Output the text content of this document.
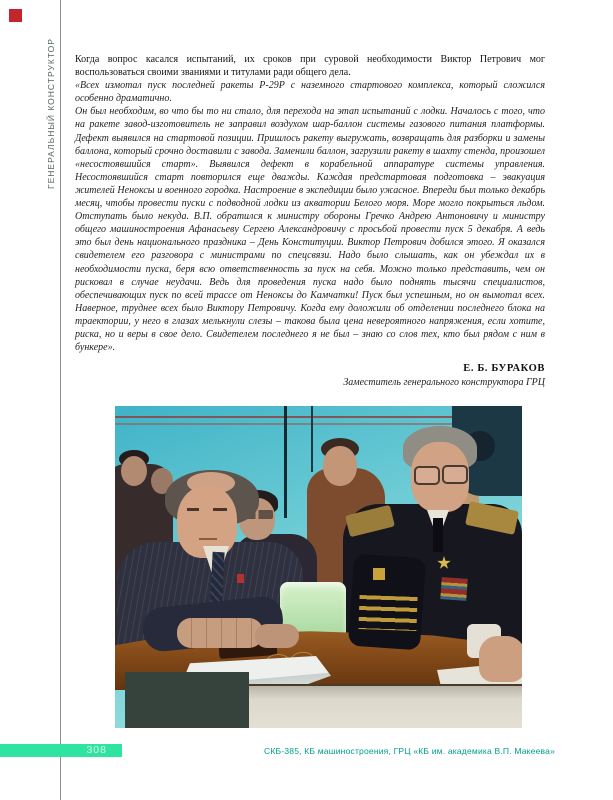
ГЕНЕРАЛЬНЫЙ КОНСТРУКТОР Когда вопрос касался испытаний, их сроков при суровой необходимости Виктор Петрович мог воспользоваться своими званиями и титулами ради общего дела.

«Всех измотал пуск последней ракеты Р-29Р с наземного стартового комплекса, который сложился особенно драматично.

Он был необходим, во что бы то ни стало, для перехода на этап испытаний с лодки. Началось с того, что на ракете завод-изготовитель не заправил воздухом шар-баллон системы газового питания платформы. Дефект выявился на стартовой позиции. Пришлось ракету выгружать, возвращать для разборки и замены баллона, который срочно доставили с завода. Заменили баллон, загрузили ракету в шахту стенда, произошел «несостоявшийся старт». Выявился дефект в корабельной аппаратуре системы управления. Несостоявшийся старт повторился еще дважды. Каждая предстартовая подготовка – эвакуация жителей Неноксы и военного городка. Настроение в экспедиции было ужасное. Впереди был только декабрь месяц, чтобы провести пуски с подводной лодки из акватории Белого моря. Море могло покрыться льдом. Отступать было некуда. В.П. обратился к министру обороны Гречко Андрею Антоновичу и министру общего машиностроения Афанасьеву Сергею Александровичу с просьбой провести пуск 5 декабря. А ведь это был день национального праздника – День Конституции. Виктор Петрович добился этого. Я оказался свидетелем его разговора с министрами по спецсвязи. Надо было слышать, как он убеждал их в необходимости пуска, беря всю ответственность за пуск на себя. Можно только представить, чем он рисковал в случае неудачи. Ведь для проведения пуска надо было поднять тысячи специалистов, обеспечивающих пуск по всей трассе от Неноксы до Камчатки! Пуск был успешным, но он вымотал всех. Наверное, труднее всех было Виктору Петровичу. Когда ему доложили об отделении последнего блока на траектории, у него в глазах мелькнули слезы – такова была цена невероятного напряжения, если хотите, риска, но и веры в свое дело. Свидетелем последнего я не был – знаю со слов тех, кто был рядом с ним в бункере».

Е. Б. БУРАКОВ
Заместитель генерального конструктора ГРЦ
308	СКБ-385, КБ машиностроения, ГРЦ «КБ им. академика В.П. Макеева»
